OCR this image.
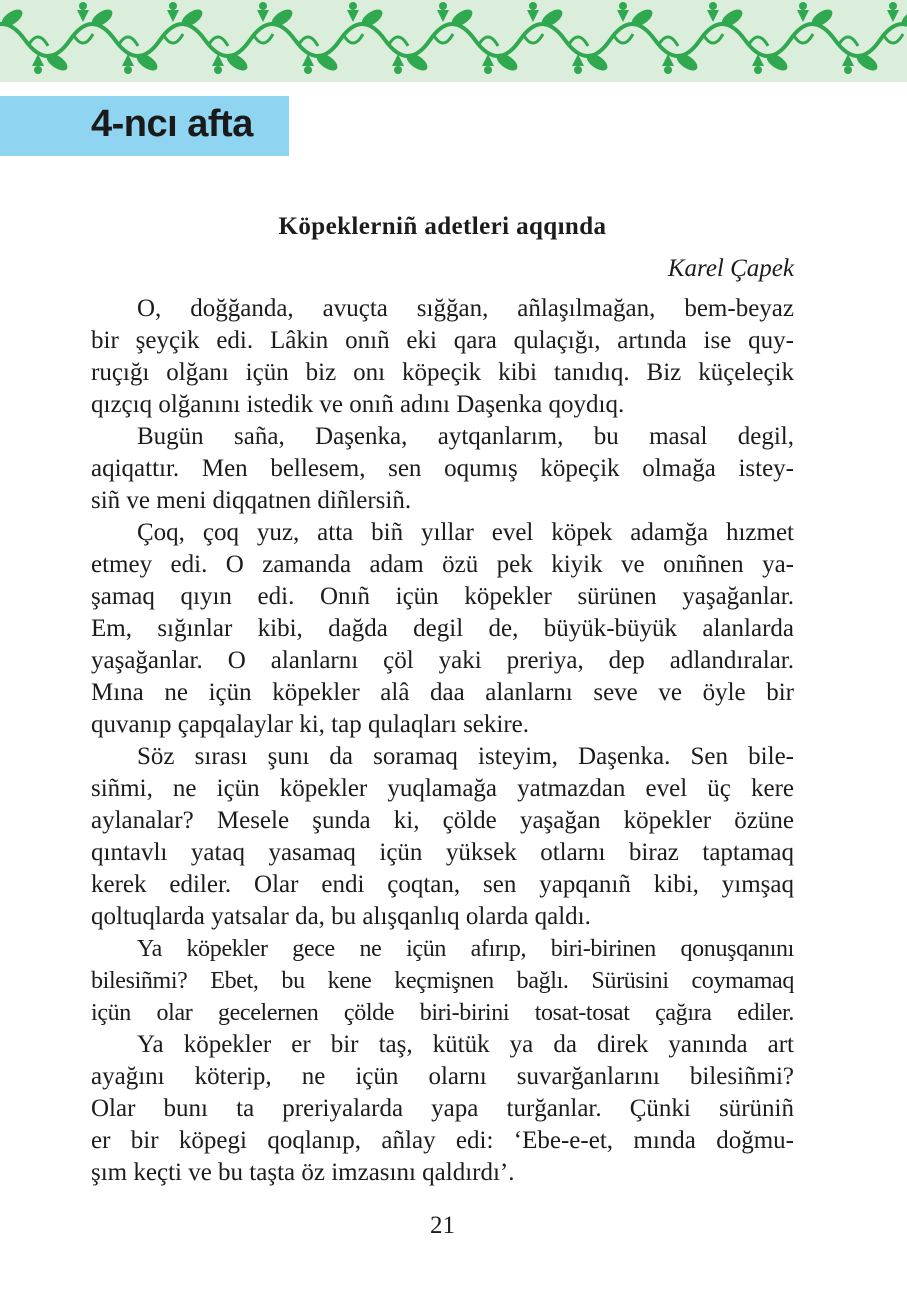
4-ncı afta
Köpeklerniñ adetleri aqqında
Karel Çapek
O, doğğanda, avuçta sığğan, añlaşılmağan, bem-beyaz
bir şeyçik edi. Lâkin onıñ eki qara qulaçığı, artında ise quy-
ruçığı olğanı içün biz onı köpeçik kibi tanıdıq. Biz küçeleçik
qızçıq olğanını istedik ve onıñ adını Daşenka qoydıq.
Bugün saña, Daşenka, aytqanlarım, bu masal degil,
aqiqattır. Men bellesem, sen oqumış köpeçik olmağa istey-
siñ ve meni diqqatnen diñlersiñ.
Çoq, çoq yuz, atta biñ yıllar evel köpek adamğa hızmet
etmey edi. O zamanda adam özü pek kiyik ve onıñnen ya-
şamaq qıyın edi. Onıñ içün köpekler sürünen yaşağanlar.
Em, sığınlar kibi, dağda degil de, büyük-büyük alanlarda
yaşağanlar. O alanlarnı çöl yaki preriya, dep adlandıralar.
Mına ne içün köpekler alâ daa alanlarnı seve ve öyle bir
quvanıp çapqalaylar ki, tap qulaqları sekire.
Söz sırası şunı da soramaq isteyim, Daşenka. Sen bile-
siñmi, ne içün köpekler yuqlamağa yatmazdan evel üç kere
aylanalar? Mesele şunda ki, çölde yaşağan köpekler özüne
qıntavlı yataq yasamaq içün yüksek otlarnı biraz taptamaq
kerek ediler. Olar endi çoqtan, sen yapqanıñ kibi, yımşaq
qoltuqlarda yatsalar da, bu alışqanlıq olarda qaldı.
Ya köpekler gece ne içün afırıp, biri-birinen qonuşqanını
bilesiñmi? Ebet, bu kene keçmişnen bağlı. Sürüsini coymamaq
içün olar gecelernen çölde biri-birini tosat-tosat çağıra ediler.
Ya köpekler er bir taş, kütük ya da direk yanında art
ayağını köterip, ne içün olarnı suvarğanlarını bilesiñmi?
Olar bunı ta preriyalarda yapa turğanlar. Çünki sürüniñ
er bir köpegi qoqlanıp, añlay edi: ‘Ebe-e-et, mında doğmu-
şım keçti ve bu taşta öz imzasını qaldırdı’.
21
